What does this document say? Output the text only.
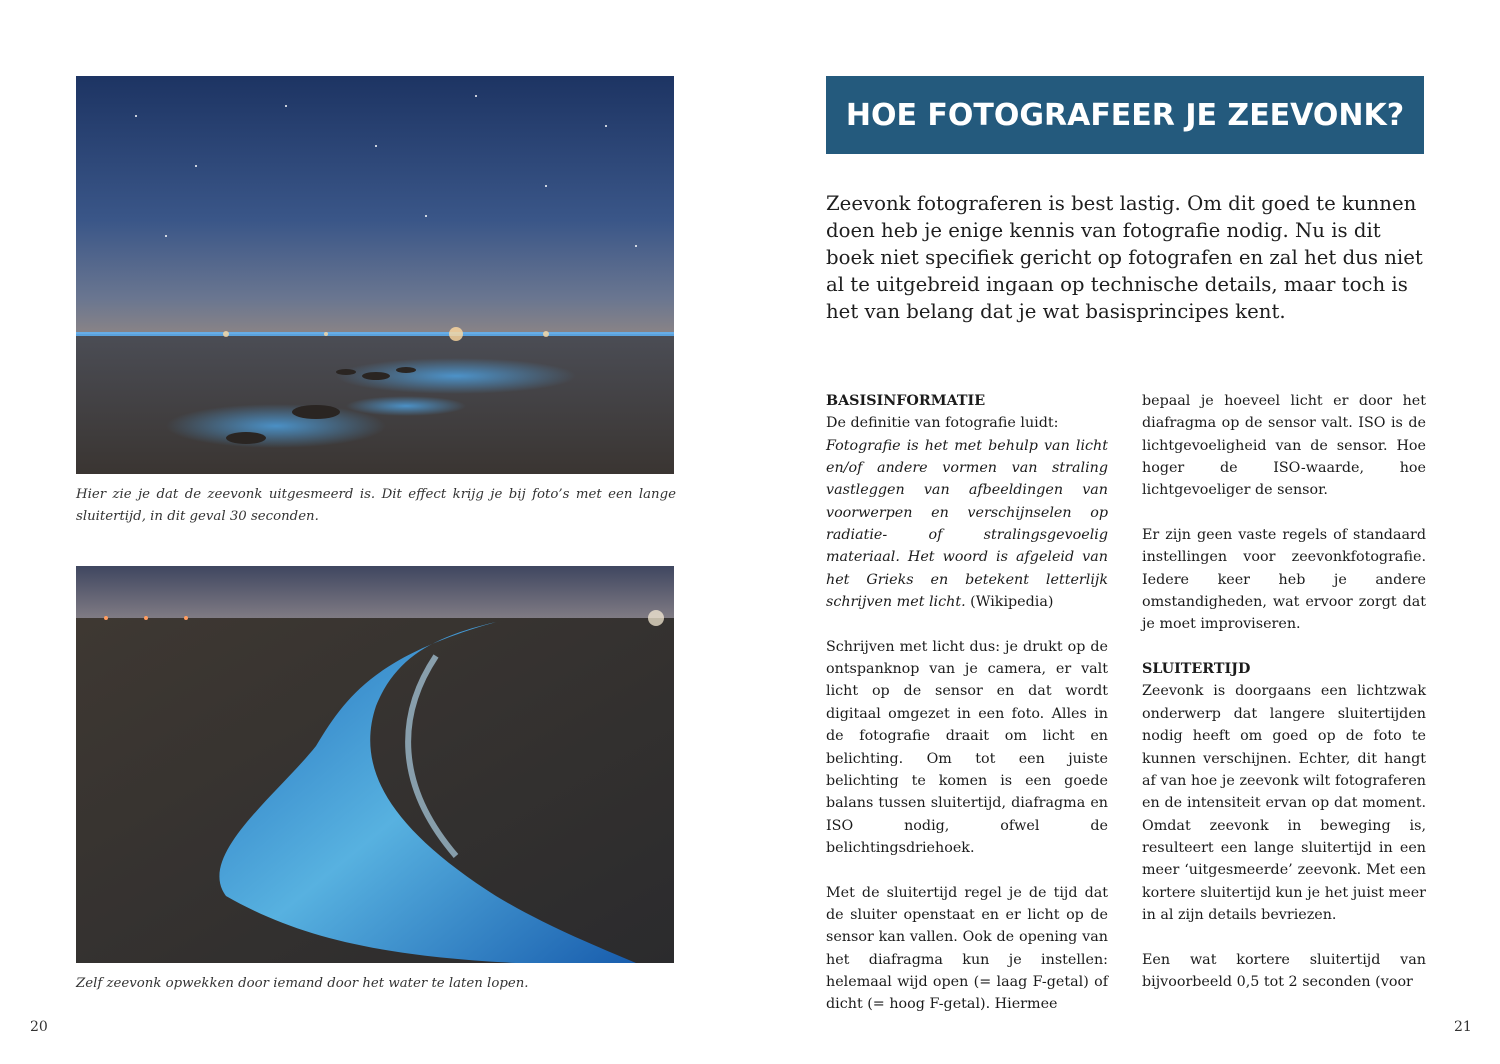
Hier zie je dat de zeevonk uitgesmeerd is. Dit effect krijg je bij foto’s met een lange sluitertijd, in dit geval 30 seconden.
Zelf zeevonk opwekken door iemand door het water te laten lopen.
20
HOE FOTOGRAFEER JE ZEEVONK?

Zeevonk fotograferen is best lastig. Om dit goed te kunnen doen heb je enige kennis van fotografie nodig. Nu is dit boek niet specifiek gericht op fotografen en zal het dus niet al te uitgebreid ingaan op technische details, maar toch is het van belang dat je wat basisprincipes kent.

BASISINFORMATIE
De definitie van fotografie luidt:
Fotografie is het met behulp van licht en/of andere vormen van straling vastleggen van afbeeldingen van voorwerpen en verschijnselen op radiatie- of stralingsgevoelig materiaal. Het woord is afgeleid van het Grieks en betekent letterlijk schrijven met licht. (Wikipedia)

Schrijven met licht dus: je drukt op de ontspanknop van je camera, er valt licht op de sensor en dat wordt digitaal omgezet in een foto. Alles in de fotografie draait om licht en belichting. Om tot een juiste belichting te komen is een goede balans tussen sluitertijd, diafragma en ISO nodig, ofwel de belichtingsdriehoek.

Met de sluitertijd regel je de tijd dat de sluiter openstaat en er licht op de sensor kan vallen. Ook de opening van het diafragma kun je instellen: helemaal wijd open (= laag F-getal) of dicht (= hoog F-getal). Hiermee

bepaal je hoeveel licht er door het diafragma op de sensor valt. ISO is de lichtgevoeligheid van de sensor. Hoe hoger de ISO-waarde, hoe lichtgevoeliger de sensor.

Er zijn geen vaste regels of standaard instellingen voor zeevonkfotografie. Iedere keer heb je andere omstandigheden, wat ervoor zorgt dat je moet improviseren.

SLUITERTIJD
Zeevonk is doorgaans een lichtzwak onderwerp dat langere sluitertijden nodig heeft om goed op de foto te kunnen verschijnen. Echter, dit hangt af van hoe je zeevonk wilt fotograferen en de intensiteit ervan op dat moment. Omdat zeevonk in beweging is, resulteert een lange sluitertijd in een meer ‘uitgesmeerde’ zeevonk. Met een kortere sluitertijd kun je het juist meer in al zijn details bevriezen.

Een wat kortere sluitertijd van bijvoorbeeld 0,5 tot 2 seconden (voor

21
